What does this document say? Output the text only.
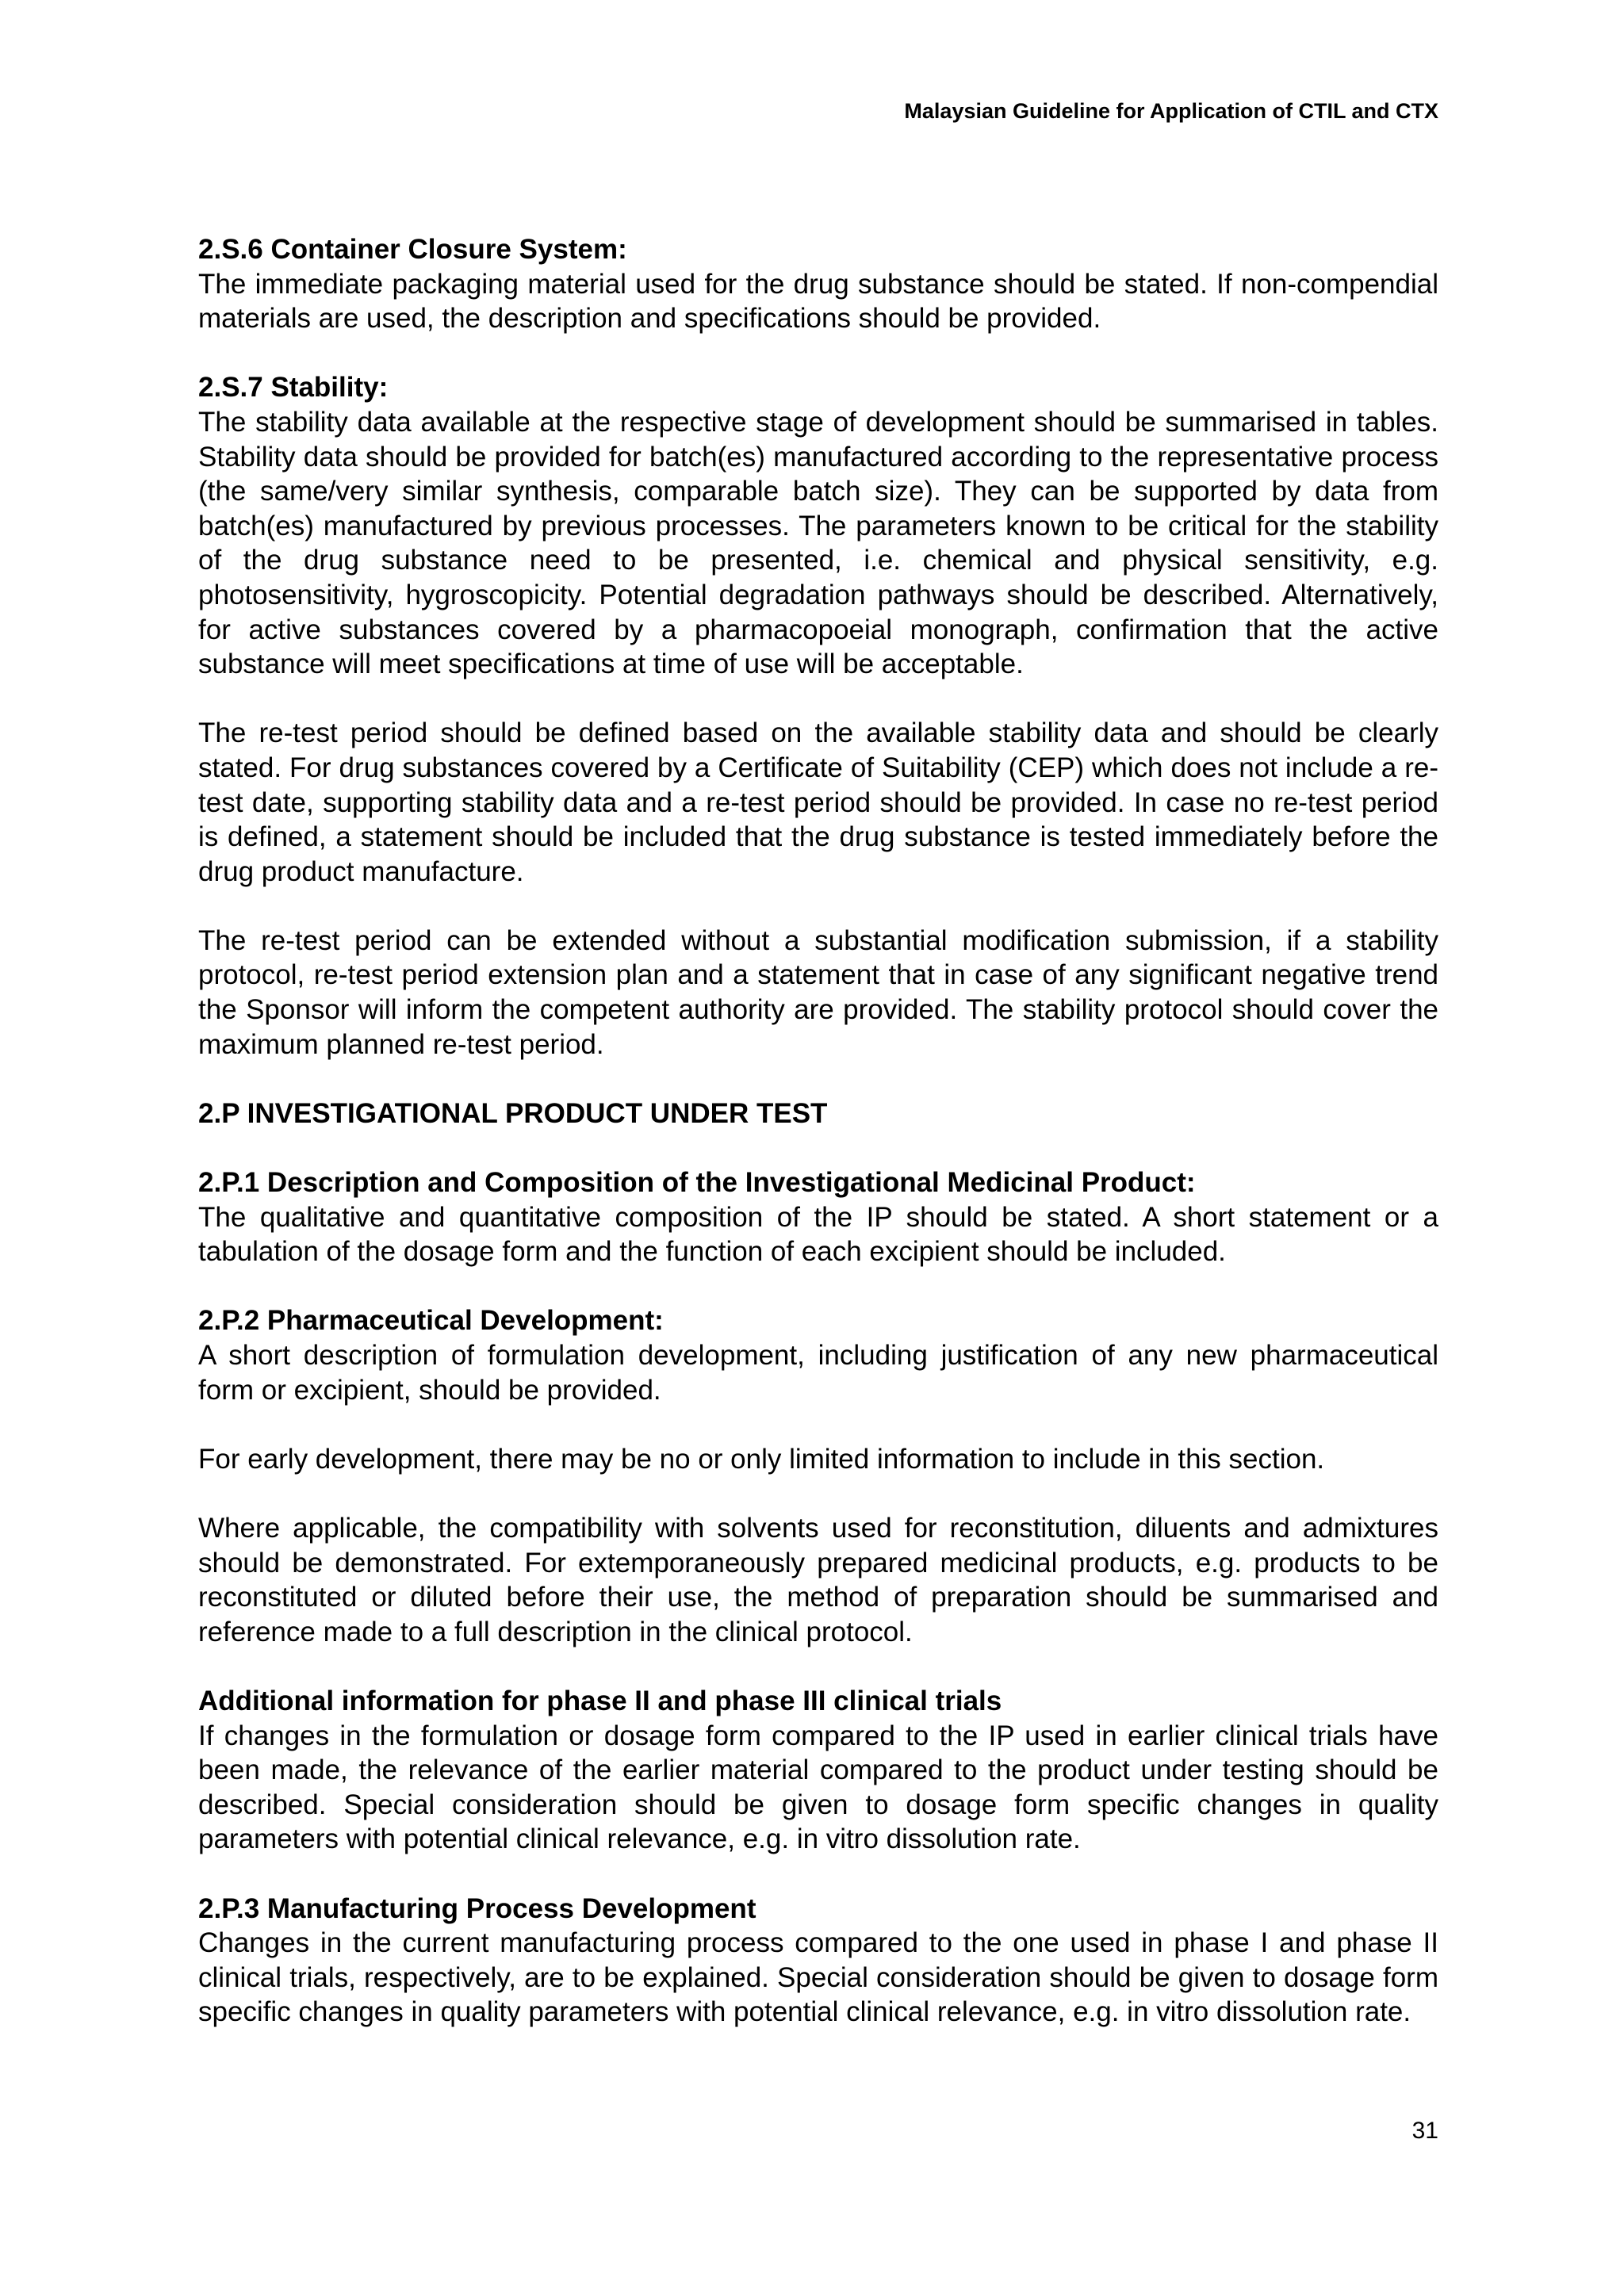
Malaysian Guideline for Application of CTIL and CTX
2.S.6 Container Closure System:
The immediate packaging material used for the drug substance should be stated. If non-compendial materials are used, the description and specifications should be provided.
2.S.7 Stability:
The stability data available at the respective stage of development should be summarised in tables. Stability data should be provided for batch(es) manufactured according to the representative process (the same/very similar synthesis, comparable batch size). They can be supported by data from batch(es) manufactured by previous processes. The parameters known to be critical for the stability of the drug substance need to be presented, i.e. chemical and physical sensitivity, e.g. photosensitivity, hygroscopicity. Potential degradation pathways should be described. Alternatively, for active substances covered by a pharmacopoeial monograph, confirmation that the active substance will meet specifications at time of use will be acceptable.
The re-test period should be defined based on the available stability data and should be clearly stated. For drug substances covered by a Certificate of Suitability (CEP) which does not include a re-test date, supporting stability data and a re-test period should be provided. In case no re-test period is defined, a statement should be included that the drug substance is tested immediately before the drug product manufacture.
The re-test period can be extended without a substantial modification submission, if a stability protocol, re-test period extension plan and a statement that in case of any significant negative trend the Sponsor will inform the competent authority are provided. The stability protocol should cover the maximum planned re-test period.
2.P INVESTIGATIONAL PRODUCT UNDER TEST
2.P.1 Description and Composition of the Investigational Medicinal Product:
The qualitative and quantitative composition of the IP should be stated. A short statement or a tabulation of the dosage form and the function of each excipient should be included.
2.P.2 Pharmaceutical Development:
A short description of formulation development, including justification of any new pharmaceutical form or excipient, should be provided.
For early development, there may be no or only limited information to include in this section.
Where applicable, the compatibility with solvents used for reconstitution, diluents and admixtures should be demonstrated. For extemporaneously prepared medicinal products, e.g. products to be reconstituted or diluted before their use, the method of preparation should be summarised and reference made to a full description in the clinical protocol.
Additional information for phase II and phase III clinical trials
If changes in the formulation or dosage form compared to the IP used in earlier clinical trials have been made, the relevance of the earlier material compared to the product under testing should be described. Special consideration should be given to dosage form specific changes in quality parameters with potential clinical relevance, e.g. in vitro dissolution rate.
2.P.3 Manufacturing Process Development
Changes in the current manufacturing process compared to the one used in phase I and phase II clinical trials, respectively, are to be explained. Special consideration should be given to dosage form specific changes in quality parameters with potential clinical relevance, e.g. in vitro dissolution rate.
31
